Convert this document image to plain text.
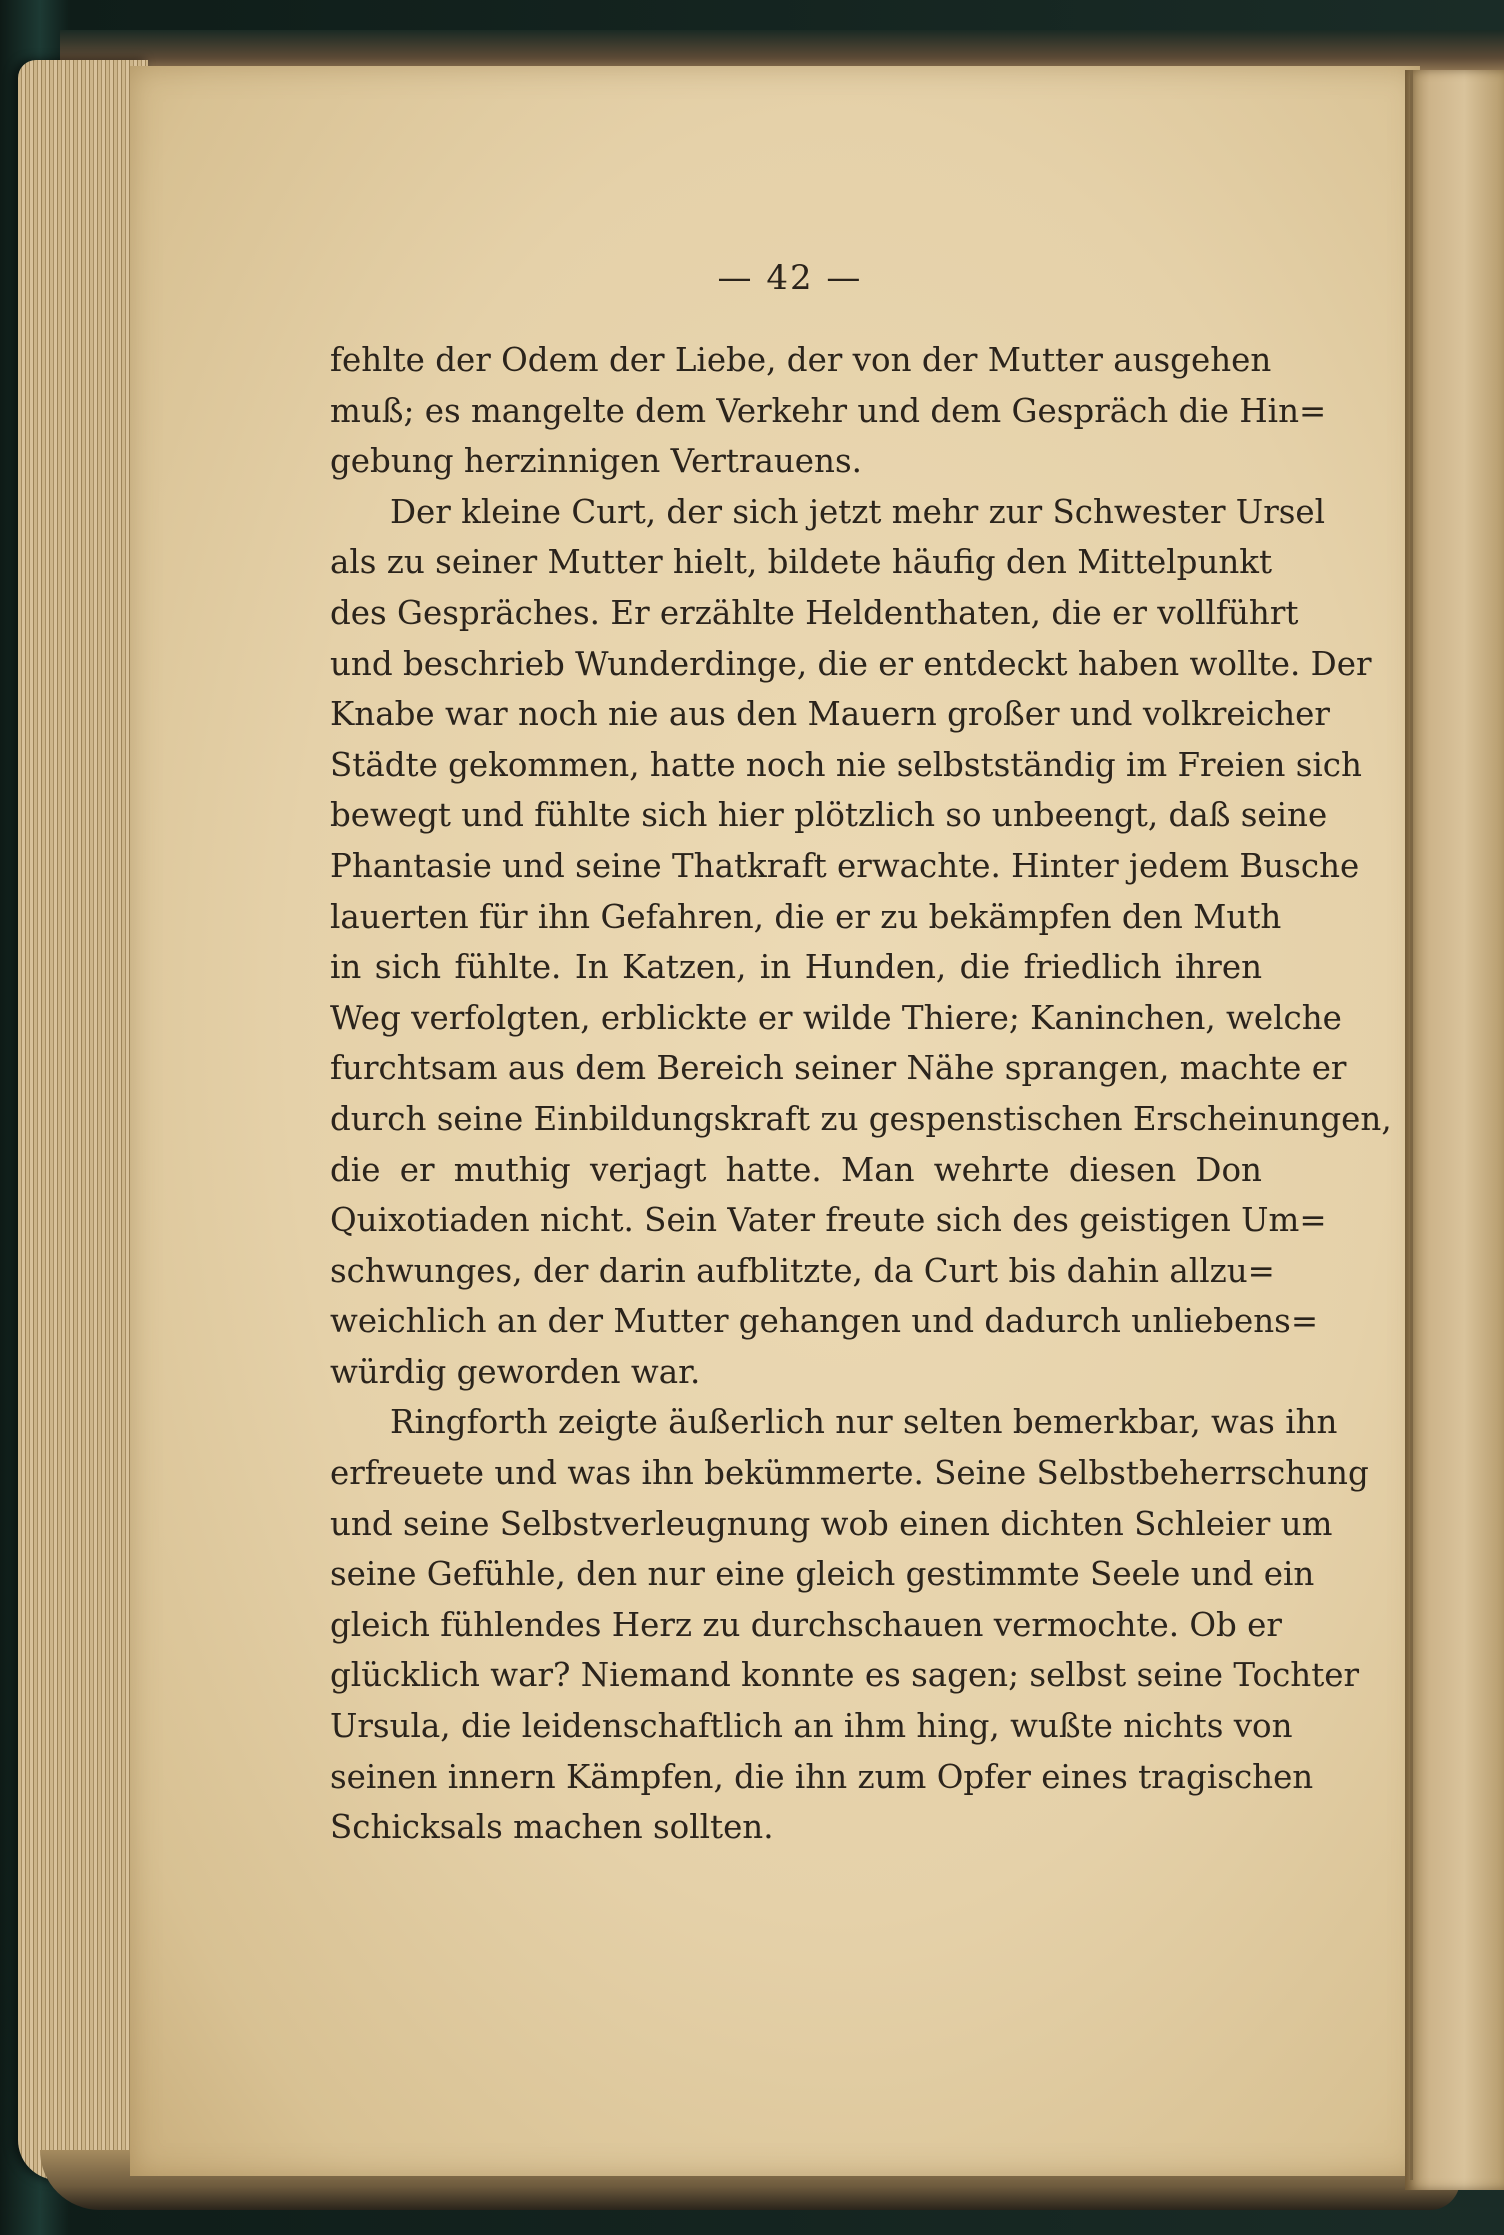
— 42 —
fehlte der Odem der Liebe, der von der Mutter ausgehen
muß; es mangelte dem Verkehr und dem Gespräch die Hin=
gebung herzinnigen Vertrauens.
Der kleine Curt, der sich jetzt mehr zur Schwester Ursel
als zu seiner Mutter hielt, bildete häufig den Mittelpunkt
des Gespräches. Er erzählte Heldenthaten, die er vollführt
und beschrieb Wunderdinge, die er entdeckt haben wollte. Der
Knabe war noch nie aus den Mauern großer und volkreicher
Städte gekommen, hatte noch nie selbstständig im Freien sich
bewegt und fühlte sich hier plötzlich so unbeengt, daß seine
Phantasie und seine Thatkraft erwachte. Hinter jedem Busche
lauerten für ihn Gefahren, die er zu bekämpfen den Muth
in sich fühlte. In Katzen, in Hunden, die friedlich ihren
Weg verfolgten, erblickte er wilde Thiere; Kaninchen, welche
furchtsam aus dem Bereich seiner Nähe sprangen, machte er
durch seine Einbildungskraft zu gespenstischen Erscheinungen,
die er muthig verjagt hatte. Man wehrte diesen Don
Quixotiaden nicht. Sein Vater freute sich des geistigen Um=
schwunges, der darin aufblitzte, da Curt bis dahin allzu=
weichlich an der Mutter gehangen und dadurch unliebens=
würdig geworden war.
Ringforth zeigte äußerlich nur selten bemerkbar, was ihn
erfreuete und was ihn bekümmerte. Seine Selbstbeherrschung
und seine Selbstverleugnung wob einen dichten Schleier um
seine Gefühle, den nur eine gleich gestimmte Seele und ein
gleich fühlendes Herz zu durchschauen vermochte. Ob er
glücklich war? Niemand konnte es sagen; selbst seine Tochter
Ursula, die leidenschaftlich an ihm hing, wußte nichts von
seinen innern Kämpfen, die ihn zum Opfer eines tragischen
Schicksals machen sollten.
